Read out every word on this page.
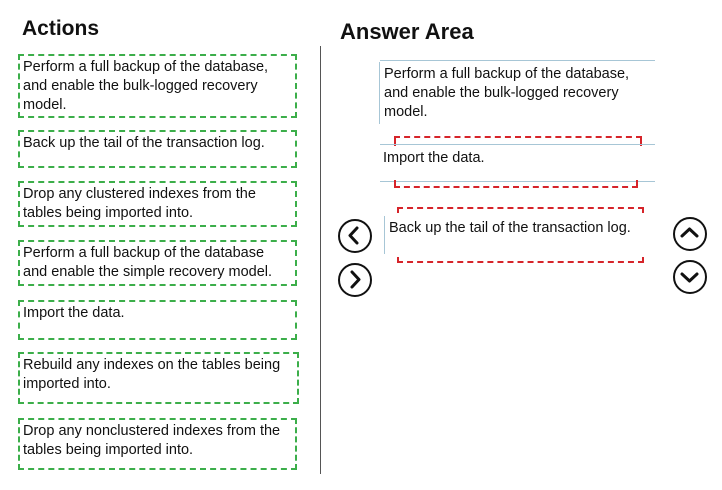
Actions	Answer Area
Perform a full backup of the database, and enable the bulk-logged recovery model.
Back up the tail of the transaction log.
Drop any clustered indexes from the tables being imported into.
Perform a full backup of the database and enable the simple recovery model.
Import the data.
Rebuild any indexes on the tables being imported into.
Drop any nonclustered indexes from the tables being imported into.
Perform a full backup of the database, and enable the bulk-logged recovery model.
Import the data.
Back up the tail of the transaction log.
